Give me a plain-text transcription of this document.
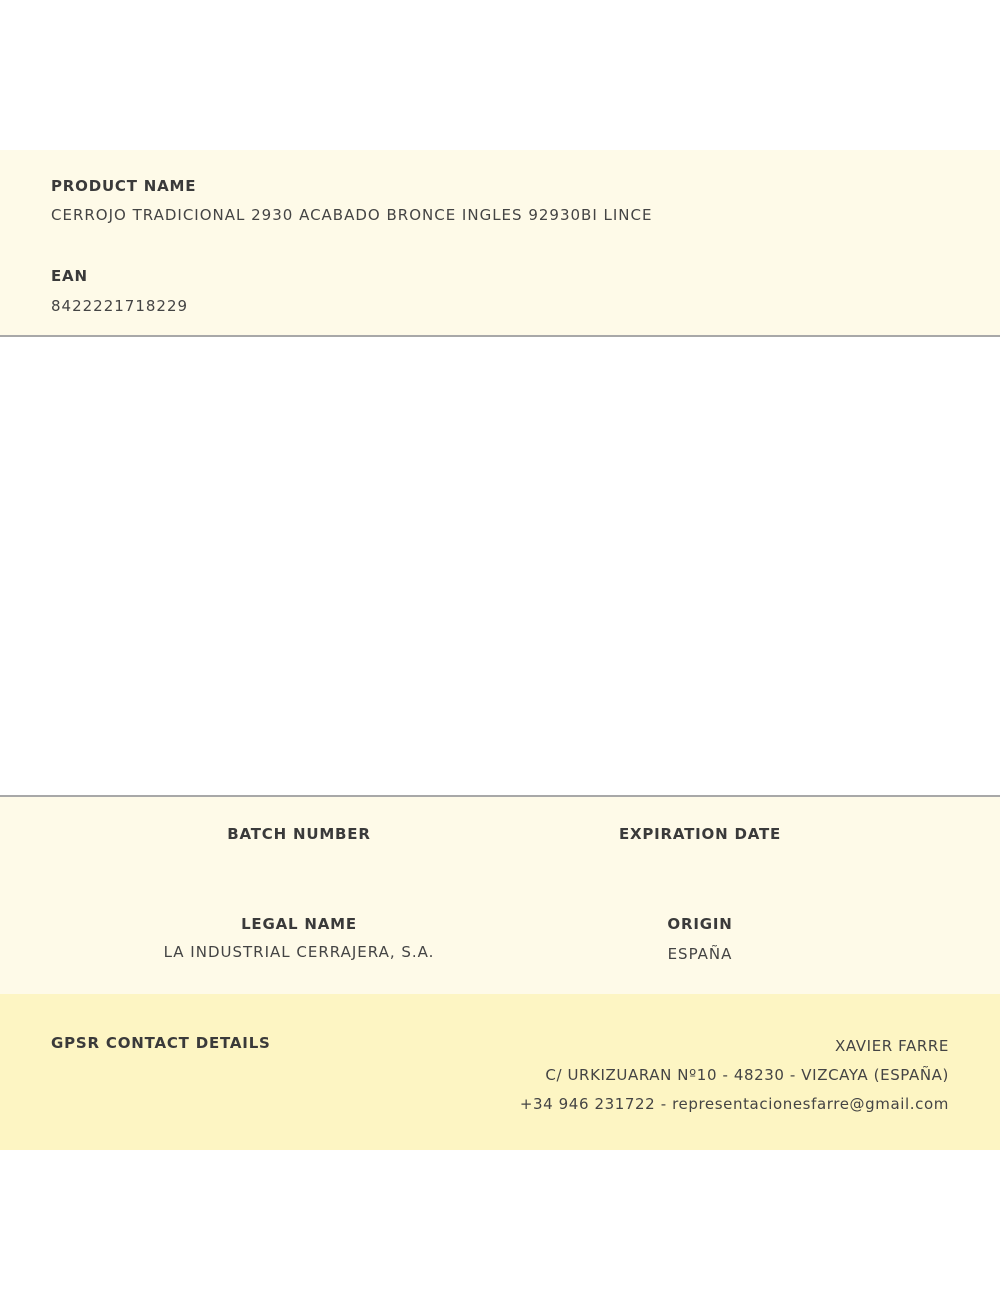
PRODUCT NAME
CERROJO TRADICIONAL 2930 ACABADO BRONCE INGLES 92930BI LINCE
EAN
8422221718229
BATCH NUMBER	EXPIRATION DATE
LEGAL NAME
LA INDUSTRIAL CERRAJERA, S.A.
ORIGIN
ESPAÑA
GPSR CONTACT DETAILS	XAVIER FARRE
C/ URKIZUARAN Nº10 - 48230 - VIZCAYA (ESPAÑA)
+34 946 231722 - representacionesfarre@gmail.com
